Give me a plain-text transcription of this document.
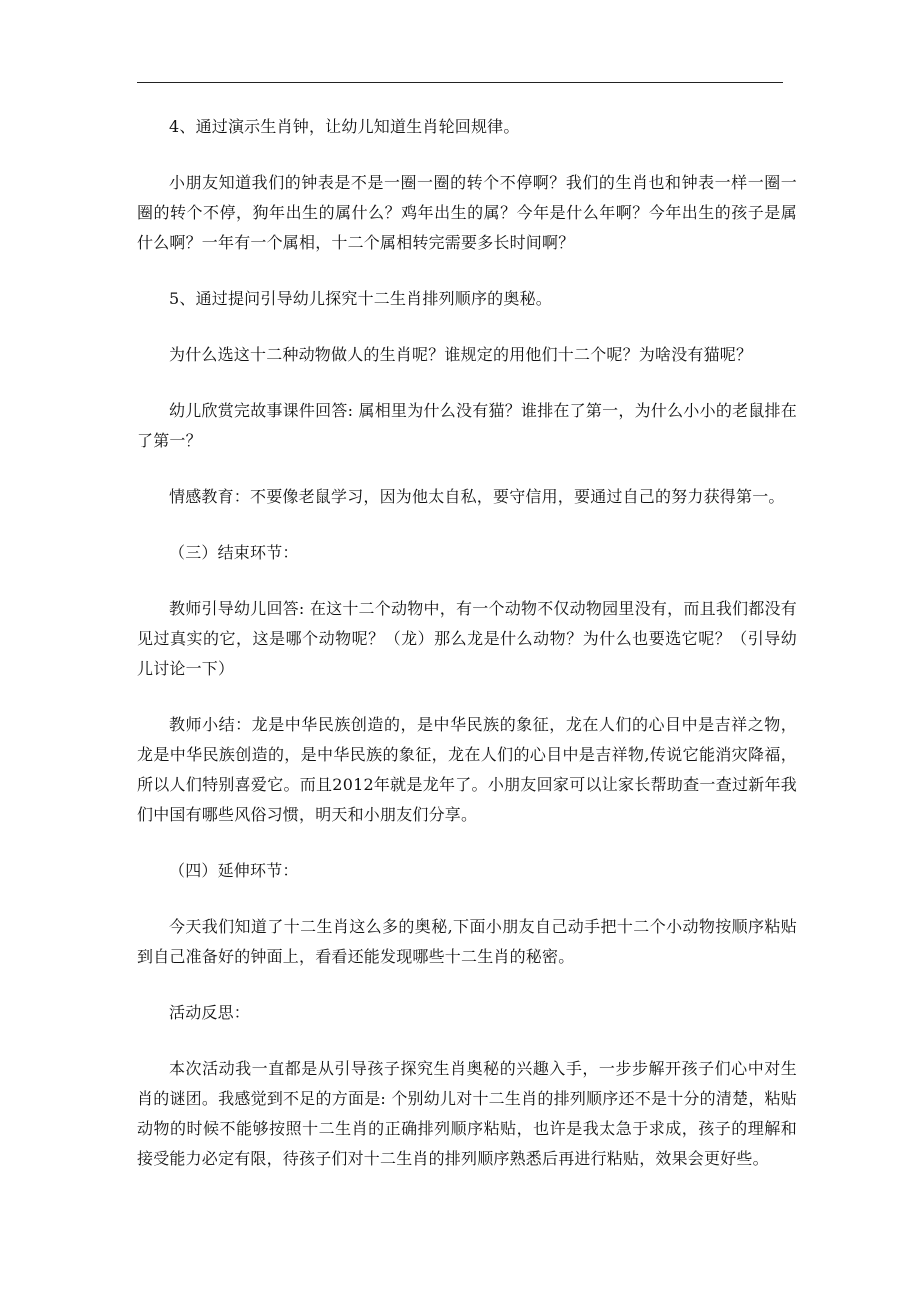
4、通过演示生肖钟，让幼儿知道生肖轮回规律。

小朋友知道我们的钟表是不是一圈一圈的转个不停啊？我们的生肖也和钟表一样一圈一圈的转个不停，狗年出生的属什么？鸡年出生的属？今年是什么年啊？今年出生的孩子是属什么啊？一年有一个属相，十二个属相转完需要多长时间啊？

5、通过提问引导幼儿探究十二生肖排列顺序的奥秘。

为什么选这十二种动物做人的生肖呢？谁规定的用他们十二个呢？为啥没有猫呢？

幼儿欣赏完故事课件回答: 属相里为什么没有猫？谁排在了第一，为什么小小的老鼠排在了第一？

情感教育：不要像老鼠学习，因为他太自私，要守信用，要通过自己的努力获得第一。

（三）结束环节：

教师引导幼儿回答: 在这十二个动物中，有一个动物不仅动物园里没有，而且我们都没有见过真实的它，这是哪个动物呢？（龙）那么龙是什么动物？为什么也要选它呢？（引导幼儿讨论一下）

教师小结：龙是中华民族创造的，是中华民族的象征，龙在人们的心目中是吉祥之物，龙是中华民族创造的，是中华民族的象征，龙在人们的心目中是吉祥物,传说它能消灾降福，所以人们特别喜爱它。而且2012年就是龙年了。小朋友回家可以让家长帮助查一查过新年我们中国有哪些风俗习惯，明天和小朋友们分享。

（四）延伸环节：

今天我们知道了十二生肖这么多的奥秘,下面小朋友自己动手把十二个小动物按顺序粘贴到自己准备好的钟面上，看看还能发现哪些十二生肖的秘密。

活动反思：

本次活动我一直都是从引导孩子探究生肖奥秘的兴趣入手，一步步解开孩子们心中对生肖的谜团。我感觉到不足的方面是: 个别幼儿对十二生肖的排列顺序还不是十分的清楚，粘贴动物的时候不能够按照十二生肖的正确排列顺序粘贴，也许是我太急于求成，孩子的理解和接受能力必定有限，待孩子们对十二生肖的排列顺序熟悉后再进行粘贴，效果会更好些。
